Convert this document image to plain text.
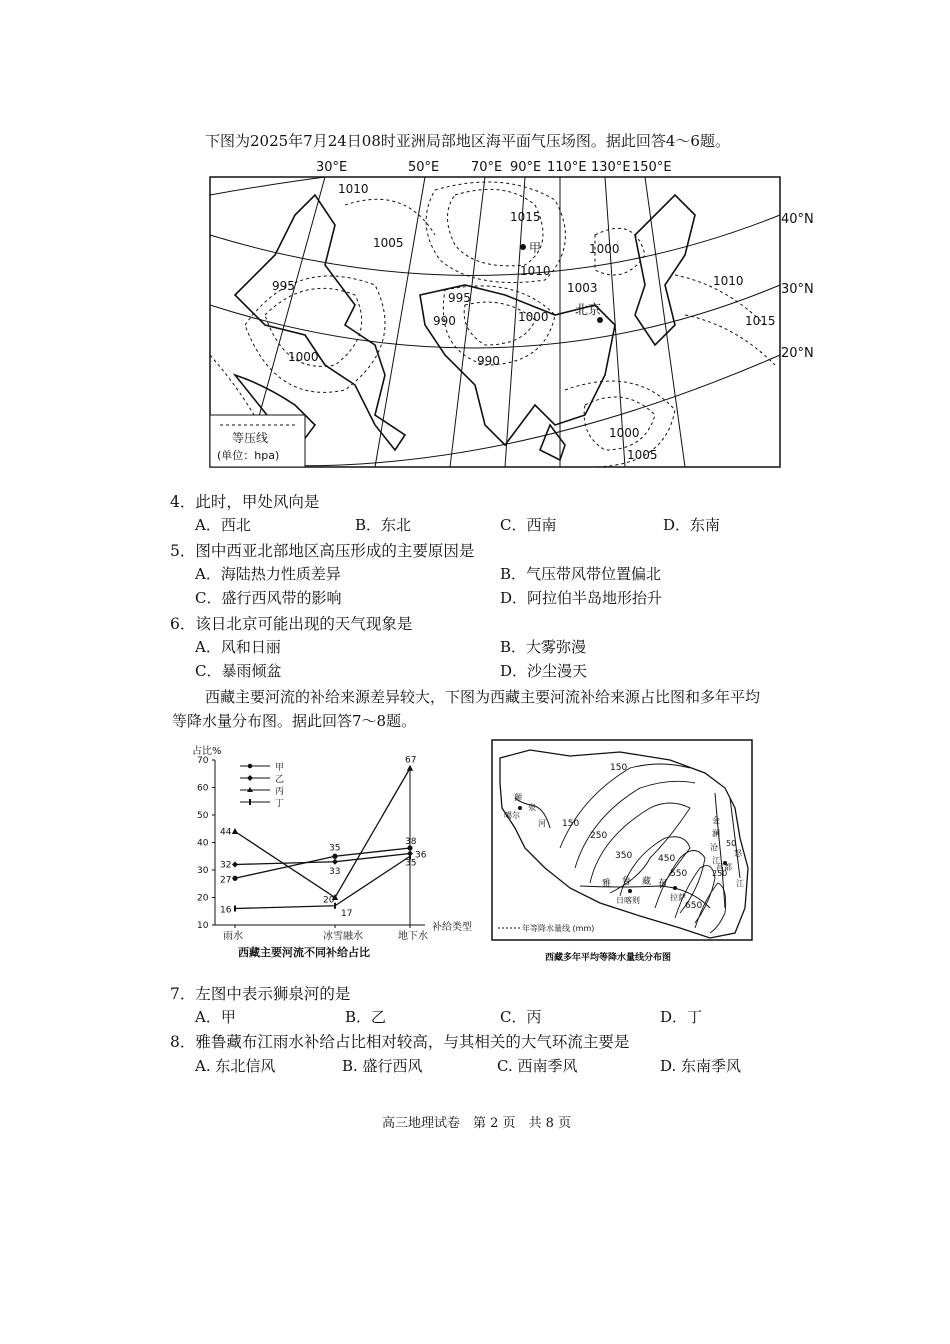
下图为2025年7月24日08时亚洲局部地区海平面气压场图。据此回答4～6题。
30°E	50°E 70°E 90°E 110°E 130°E 150°E
甲
北京
1010
1015
1005	1000
1010
1003
995
990	1000
995	1010
1015
1000	990
1000
1005
等压线
(单位：hpa)
40°N
30°N
20°N
4．此时，甲处风向是
A．西北	B．东北	C．西南	D．东南
5．图中西亚北部地区高压形成的主要原因是
A．海陆热力性质差异	B．气压带风带位置偏北
C．盛行西风带的影响	D．阿拉伯半岛地形抬升
6．该日北京可能出现的天气现象是
A．风和日丽	B．大雾弥漫
C．暴雨倾盆	D．沙尘漫天
西藏主要河流的补给来源差异较大，下图为西藏主要河流补给来源占比图和多年平均
等降水量分布图。据此回答7～8题。
10
20
30
40
50
60
70
雨水	冰雪融水	地下水
27
32
44
16
35
33
20
17
38
36
67
35
甲
乙
丙
丁
占比%
补给类型
西藏主要河流不同补给占比
150
150
250
350	450
550
650
50
250
狮
泉
河
噶尔
雅 鲁 藏 布
日喀则	拉萨
金
澜
沧
江
昌都
怒
江
年等降水量线 (mm)
西藏多年平均等降水量线分布图
7．左图中表示狮泉河的是
A．甲	B．乙	C．丙	D．丁
8．雅鲁藏布江雨水补给占比相对较高，与其相关的大气环流主要是
A. 东北信风	B. 盛行西风	C. 西南季风	D. 东南季风
高三地理试卷　第 2 页　共 8 页
